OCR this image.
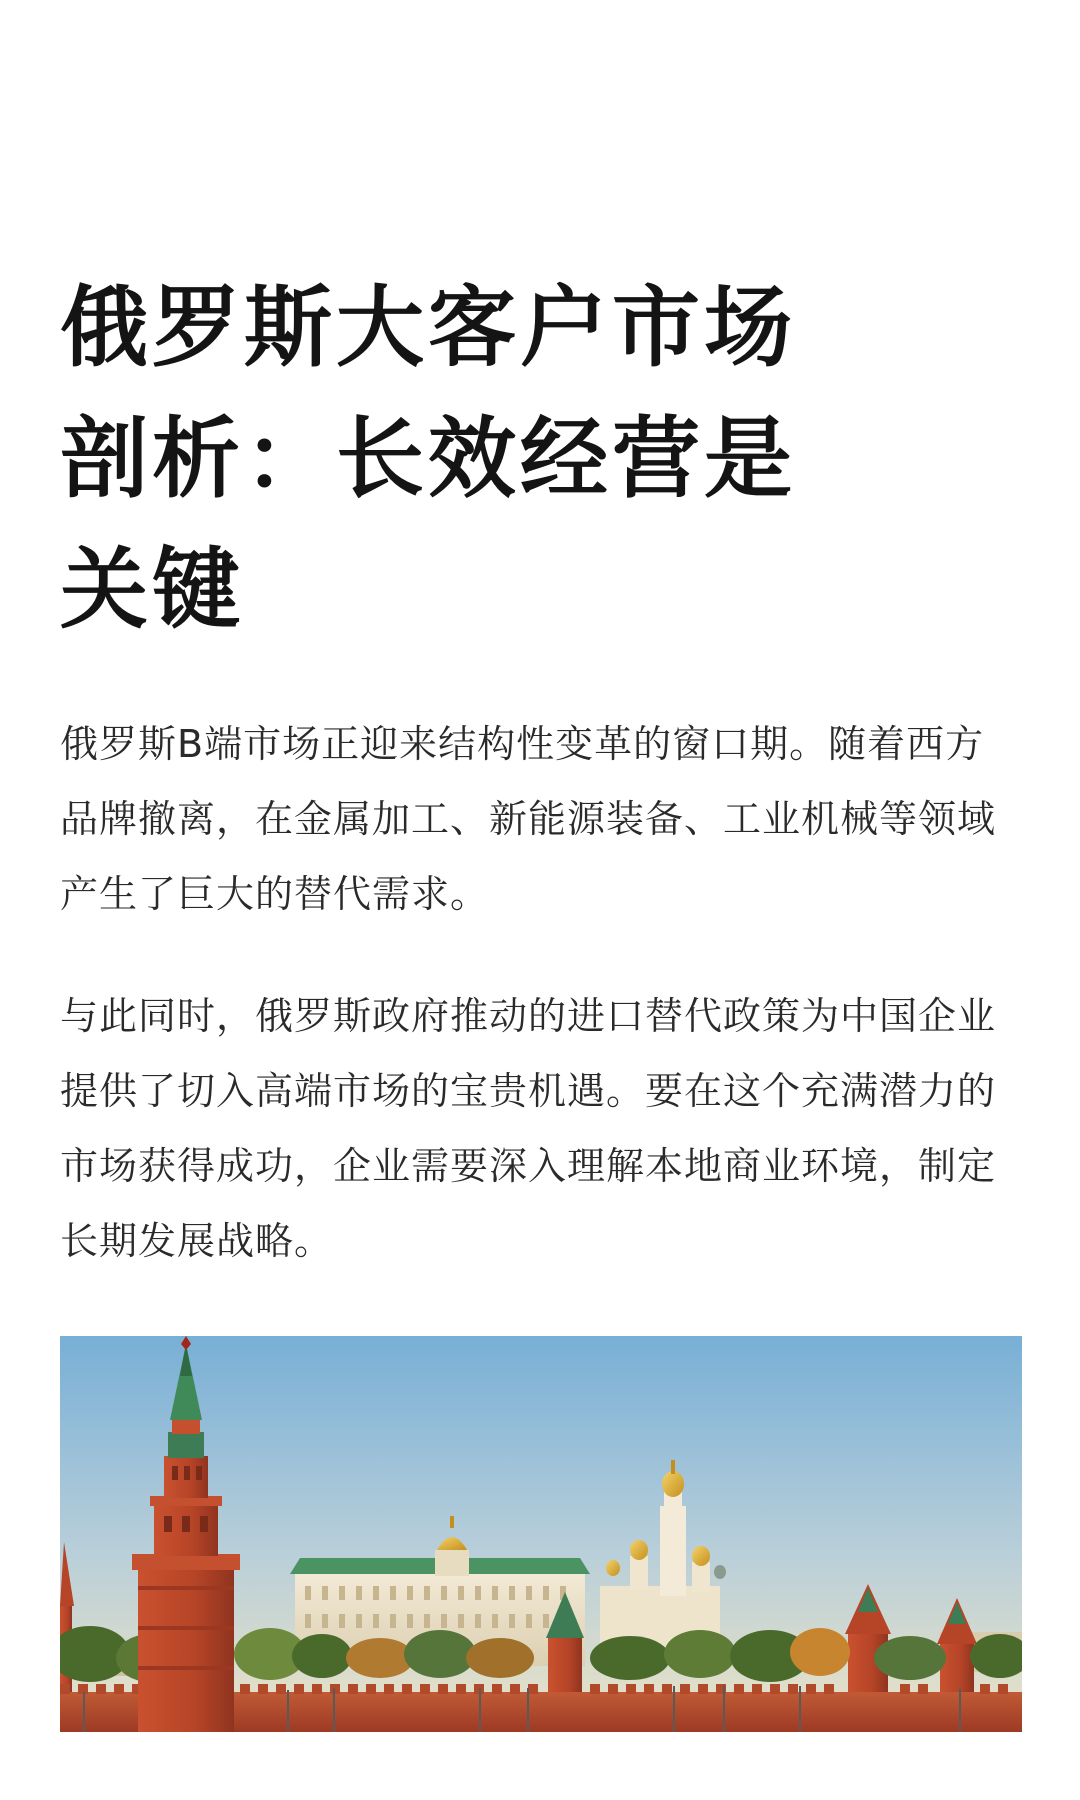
俄罗斯大客户市场剖析：长效经营是关键

俄罗斯B端市场正迎来结构性变革的窗口期。随着西方品牌撤离，在金属加工、新能源装备、工业机械等领域产生了巨大的替代需求。

与此同时，俄罗斯政府推动的进口替代政策为中国企业提供了切入高端市场的宝贵机遇。要在这个充满潜力的市场获得成功，企业需要深入理解本地商业环境，制定长期发展战略。
